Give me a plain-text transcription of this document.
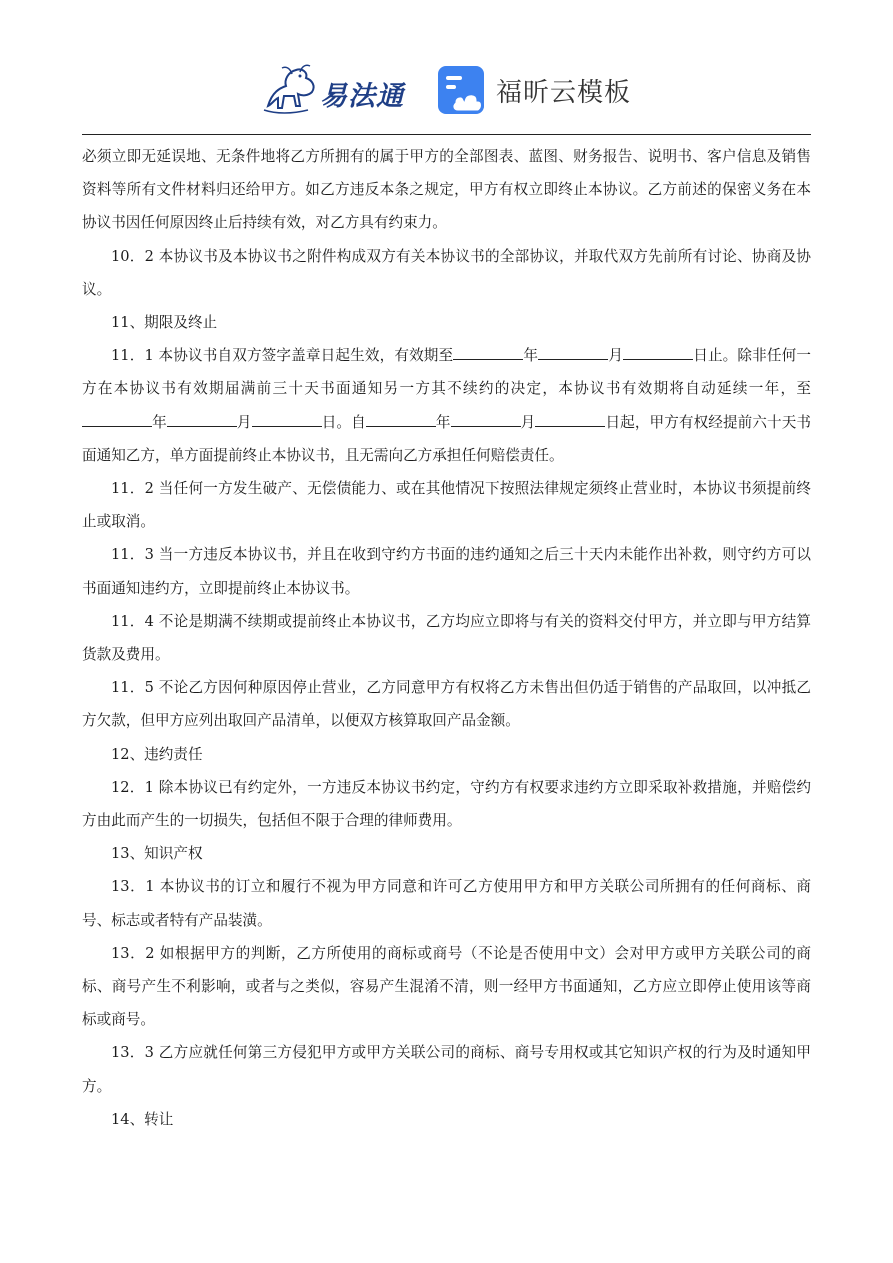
易法通	福昕云模板

必须立即无延误地、无条件地将乙方所拥有的属于甲方的全部图表、蓝图、财务报告、说明书、客户信息及销售资料等所有文件材料归还给甲方。如乙方违反本条之规定，甲方有权立即终止本协议。乙方前述的保密义务在本协议书因任何原因终止后持续有效，对乙方具有约束力。

10．2 本协议书及本协议书之附件构成双方有关本协议书的全部协议，并取代双方先前所有讨论、协商及协议。

11、期限及终止

11．1 本协议书自双方签字盖章日起生效，有效期至	年	月	日止。除非任何一方在本协议书有效期届满前三十天书面通知另一方其不续约的决定，本协议书有效期将自动延续一年，至年	月	日。自	年	月	日起，甲方有权经提前六十天书面通知乙方，单方面提前终止本协议书，且无需向乙方承担任何赔偿责任。

11．2 当任何一方发生破产、无偿债能力、或在其他情况下按照法律规定须终止营业时，本协议书须提前终止或取消。

11．3 当一方违反本协议书，并且在收到守约方书面的违约通知之后三十天内未能作出补救，则守约方可以书面通知违约方，立即提前终止本协议书。

11．4 不论是期满不续期或提前终止本协议书，乙方均应立即将与有关的资料交付甲方，并立即与甲方结算货款及费用。

11．5 不论乙方因何种原因停止营业，乙方同意甲方有权将乙方未售出但仍适于销售的产品取回，以冲抵乙方欠款，但甲方应列出取回产品清单，以便双方核算取回产品金额。

12、违约责任

12．1 除本协议已有约定外，一方违反本协议书约定，守约方有权要求违约方立即采取补救措施，并赔偿约方由此而产生的一切损失，包括但不限于合理的律师费用。

13、知识产权

13．1 本协议书的订立和履行不视为甲方同意和许可乙方使用甲方和甲方关联公司所拥有的任何商标、商号、标志或者特有产品装潢。

13．2 如根据甲方的判断，乙方所使用的商标或商号（不论是否使用中文）会对甲方或甲方关联公司的商标、商号产生不利影响，或者与之类似，容易产生混淆不清，则一经甲方书面通知，乙方应立即停止使用该等商标或商号。

13．3 乙方应就任何第三方侵犯甲方或甲方关联公司的商标、商号专用权或其它知识产权的行为及时通知甲方。

14、转让
